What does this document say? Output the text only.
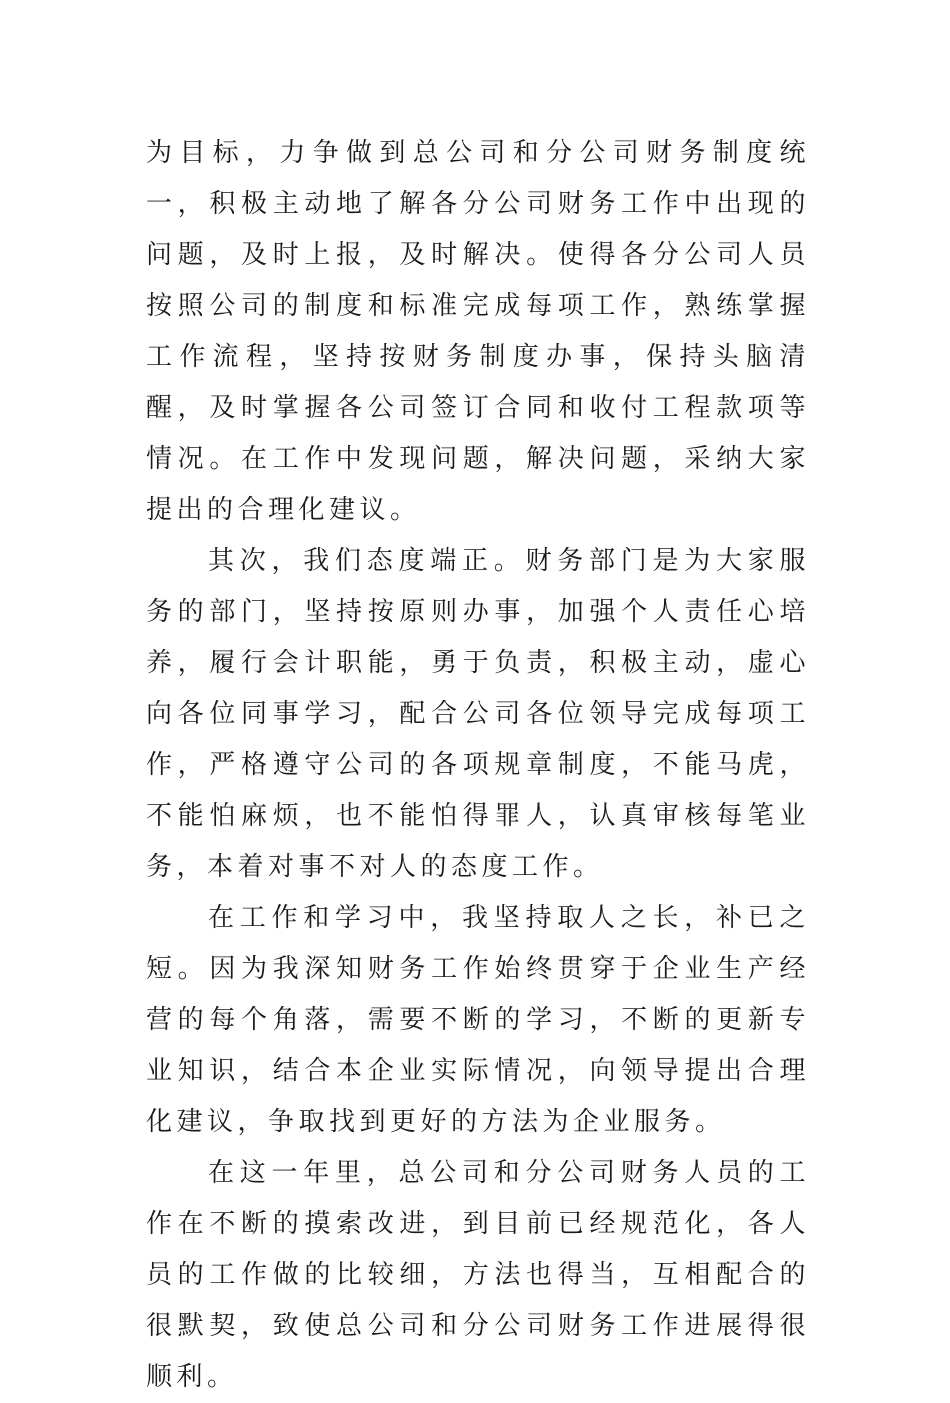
为目标，力争做到总公司和分公司财务制度统一，积极主动地了解各分公司财务工作中出现的问题，及时上报，及时解决。使得各分公司人员按照公司的制度和标准完成每项工作，熟练掌握工作流程，坚持按财务制度办事，保持头脑清醒，及时掌握各公司签订合同和收付工程款项等情况。在工作中发现问题，解决问题，采纳大家提出的合理化建议。

其次，我们态度端正。财务部门是为大家服务的部门，坚持按原则办事，加强个人责任心培养，履行会计职能，勇于负责，积极主动，虚心向各位同事学习，配合公司各位领导完成每项工作，严格遵守公司的各项规章制度，不能马虎，不能怕麻烦，也不能怕得罪人，认真审核每笔业务，本着对事不对人的态度工作。

在工作和学习中，我坚持取人之长，补已之短。因为我深知财务工作始终贯穿于企业生产经营的每个角落，需要不断的学习，不断的更新专业知识，结合本企业实际情况，向领导提出合理化建议，争取找到更好的方法为企业服务。

在这一年里，总公司和分公司财务人员的工作在不断的摸索改进，到目前已经规范化，各人员的工作做的比较细，方法也得当，互相配合的很默契，致使总公司和分公司财务工作进展得很顺利。
